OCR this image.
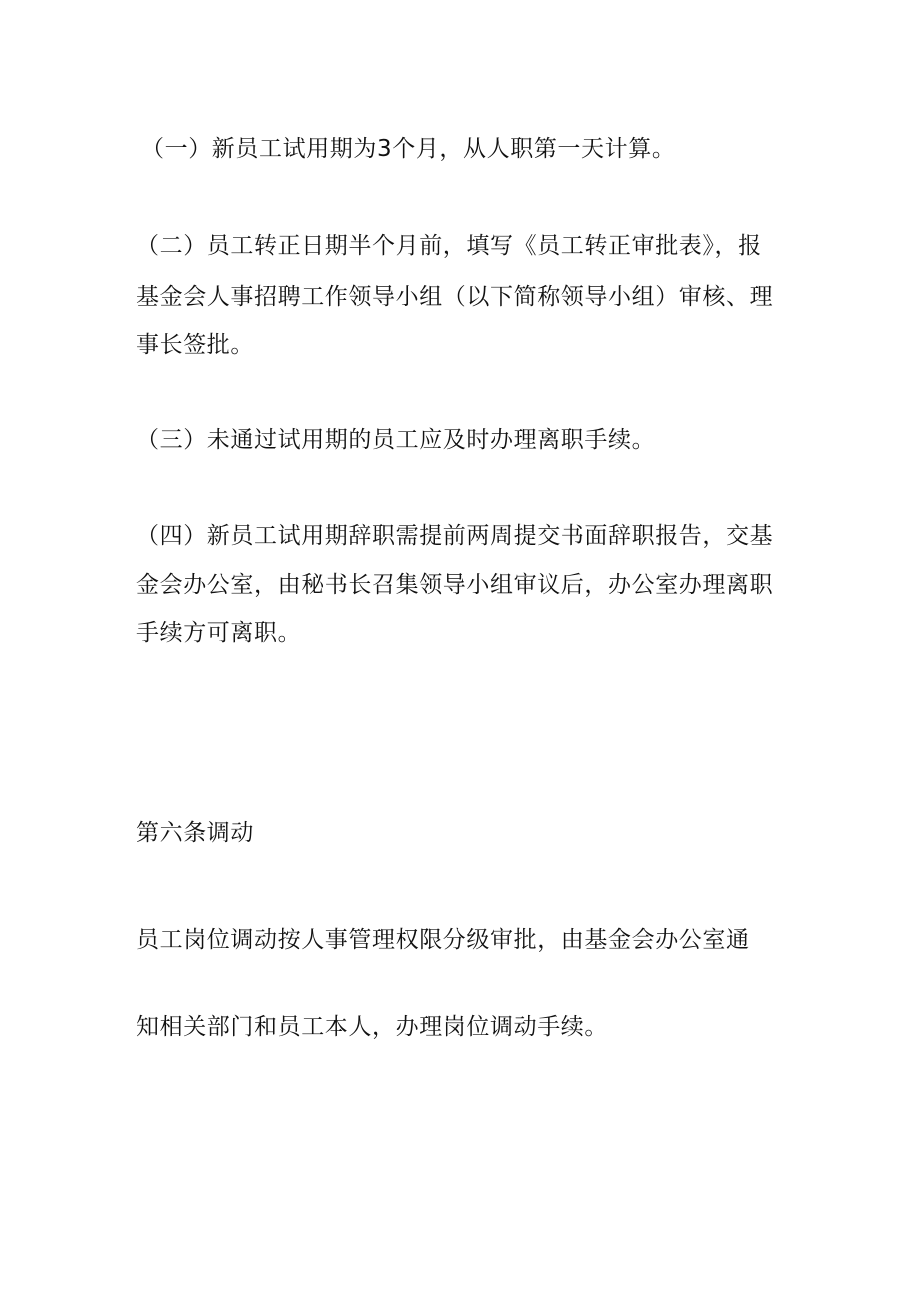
（一）新员工试用期为3个月，从人职第一天计算。
（二）员工转正日期半个月前，填写《员工转正审批表》，报
基金会人事招聘工作领导小组（以下简称领导小组）审核、理
事长签批。
（三）未通过试用期的员工应及时办理离职手续。
（四）新员工试用期辞职需提前两周提交书面辞职报告，交基
金会办公室，由秘书长召集领导小组审议后，办公室办理离职
手续方可离职。
第六条调动
员工岗位调动按人事管理权限分级审批，由基金会办公室通
知相关部门和员工本人，办理岗位调动手续。
